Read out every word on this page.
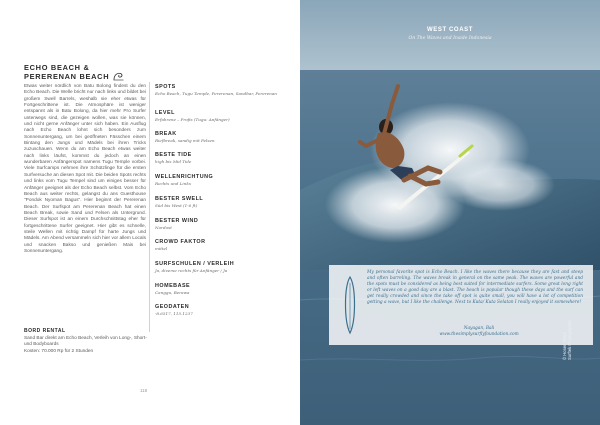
ECHO BEACH & PERERENAN BEACH
Etwas weiter nördlich von Batu Bolong findest du den Echo Beach. Die Welle bricht nur nach links und bildet bei großem Swell Barrels, weshalb sie eher etwas für Fortgeschrittene ist. Die Atmosphäre ist weniger entspannt als in Batu Bolong, da hier mehr Pro Surfer unterwegs sind, die gezeigen wollen, was sie können, und nicht gerne Anfänger unter sich haben. Ein Ausflug nach Echo Beach lohnt sich besonders zum Sonnenuntergang, um bei geöffneten Fässchen einem Bintang den Jungs und Mädels bei ihren Tricks zuzuschauen. Wenn du am Echo Beach etwas weiter nach links läufst, kommst du jedoch an einen wunderbaren Anfängerspot namens Tugu Temple vorbei. Viele Surfcamps nehmen ihre Schützlinge für die ersten Surfversuche an diesen Spot mit. Die beiden Spots rechts und links vom Tugu Tempel sind um einiges besser für Anfänger geeignet als der Echo Beach selbst. Vom Echo Beach aus weiter rechts, gelangst du ans Guesthouse "Pondok Nyoman Bagus". Hier beginnt der Pererenan Beach. Der Surfspot am Pererenan Beach hat einen Beach Break, sowie Sand und Felsen als Untergrund. Dieser Surfspot ist an einem Durchschnittstag eher für fortgeschrittene Surfer geeignet. Hier gibt es schnelle, steile Wellen mit richtig Dampf für harte Jungs und Mädels. Am Abend versammeln sich hier vor allem Locals und snacken Bakso und genießen Mais bei Sonnenuntergang.
BORD RENTAL
Sand Bar direkt am Echo Beach, Verleih von Long-, Short- und Bodyboards
Kosten: 70.000 Rp für 2 Stunden
SPOTS
Echo Beach, Tugu Temple, Pererenan, Sandbar, Pererenan
LEVEL
Erfahrene – Profis (Tugu: Anfänger)
BREAK
Riefbreak, sandig mit Felsen
BESTE TIDE
high bis Mid Tide
WELLENRICHTUNG
Rechts und Links
BESTER SWELL
Süd bis West (1-6 ft)
BESTER WIND
Nordost
CROWD FAKTOR
mittel
SURFSCHULEN / VERLEIH
Ja, diverse rechts für Anfänger / Ja
HOMEBASE
Canggu, Berawa
GEODATEN
-8.6517, 115.1237
118
WEST COAST
On The Waves and Inside Indonesia
My personal favorite spot is Echo Beach. I like the waves there because they are fast and steep and often barreling. The waves break in general on the same peak. The waves are powerful and the spots must be considered as being best suited for intermediate surfers. Some great long right or left waves on a good day are a blast. The beach is popular though these days and the surf can get really crowded and since the take off spot is quite small, you will have a lot of competition getting a wave, but I like the challenge. Next to Kuta/ Kuta Selatan I really enjoyed it somewhere!
Nayagan, Bali
www.thesimplysurflyfoundation.com	© Hosen Steyn Surftek Photographer
